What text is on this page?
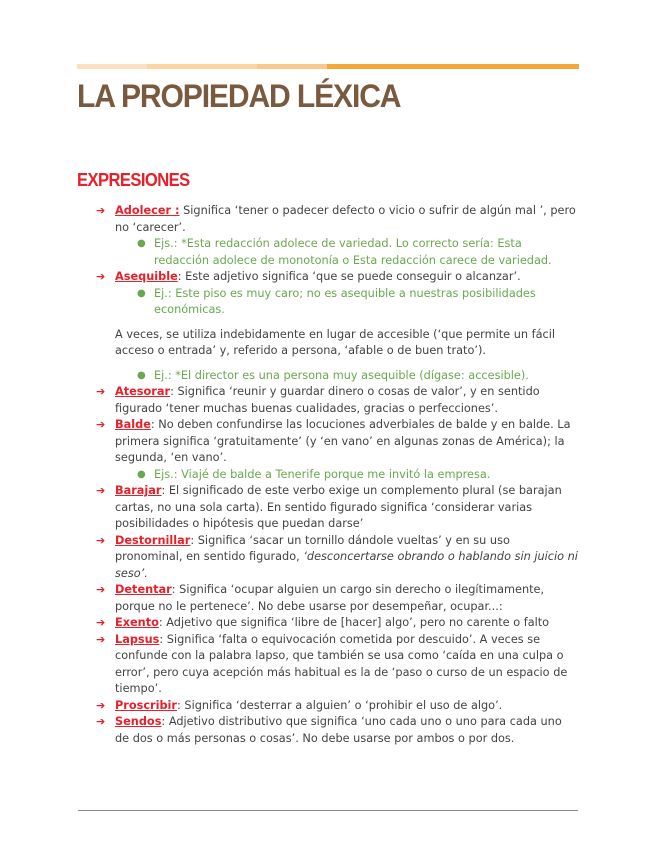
LA PROPIEDAD LÉXICA
EXPRESIONES
➔ Adolecer : Significa ‘tener o padecer defecto o vicio o sufrir de algún mal ’, pero no ‘carecer’.
● Ejs.: *Esta redacción adolece de variedad. Lo correcto sería: Esta redacción adolece de monotonía o Esta redacción carece de variedad.
➔ Asequible: Este adjetivo significa ‘que se puede conseguir o alcanzar’.
● Ej.: Este piso es muy caro; no es asequible a nuestras posibilidades económicas.
A veces, se utiliza indebidamente en lugar de accesible (‘que permite un fácil acceso o entrada’ y, referido a persona, ‘afable o de buen trato’).
● Ej.: *El director es una persona muy asequible (dígase: accesible).
➔ Atesorar: Significa ‘reunir y guardar dinero o cosas de valor’, y en sentido figurado ‘tener muchas buenas cualidades, gracias o perfecciones’.
➔ Balde: No deben confundirse las locuciones adverbiales de balde y en balde. La primera significa ‘gratuitamente’ (y ‘en vano’ en algunas zonas de América); la segunda, ‘en vano’.
● Ejs.: Viajé de balde a Tenerife porque me invitó la empresa.
➔ Barajar: El significado de este verbo exige un complemento plural (se barajan cartas, no una sola carta). En sentido figurado significa ‘considerar varias posibilidades o hipótesis que puedan darse’
➔ Destornillar: Significa ‘sacar un tornillo dándole vueltas’ y en su uso pronominal, en sentido figurado, ‘desconcertarse obrando o hablando sin juicio ni seso’.
➔ Detentar: Significa ‘ocupar alguien un cargo sin derecho o ilegítimamente, porque no le pertenece’. No debe usarse por desempeñar, ocupar...:
➔ Exento: Adjetivo que significa ‘libre de [hacer] algo’, pero no carente o falto
➔ Lapsus: Significa ‘falta o equivocación cometida por descuido’. A veces se confunde con la palabra lapso, que también se usa como ‘caída en una culpa o error’, pero cuya acepción más habitual es la de ‘paso o curso de un espacio de tiempo’.
➔ Proscribir: Significa ‘desterrar a alguien’ o ‘prohibir el uso de algo’.
➔ Sendos: Adjetivo distributivo que significa ‘uno cada uno o uno para cada uno de dos o más personas o cosas’. No debe usarse por ambos o por dos.
